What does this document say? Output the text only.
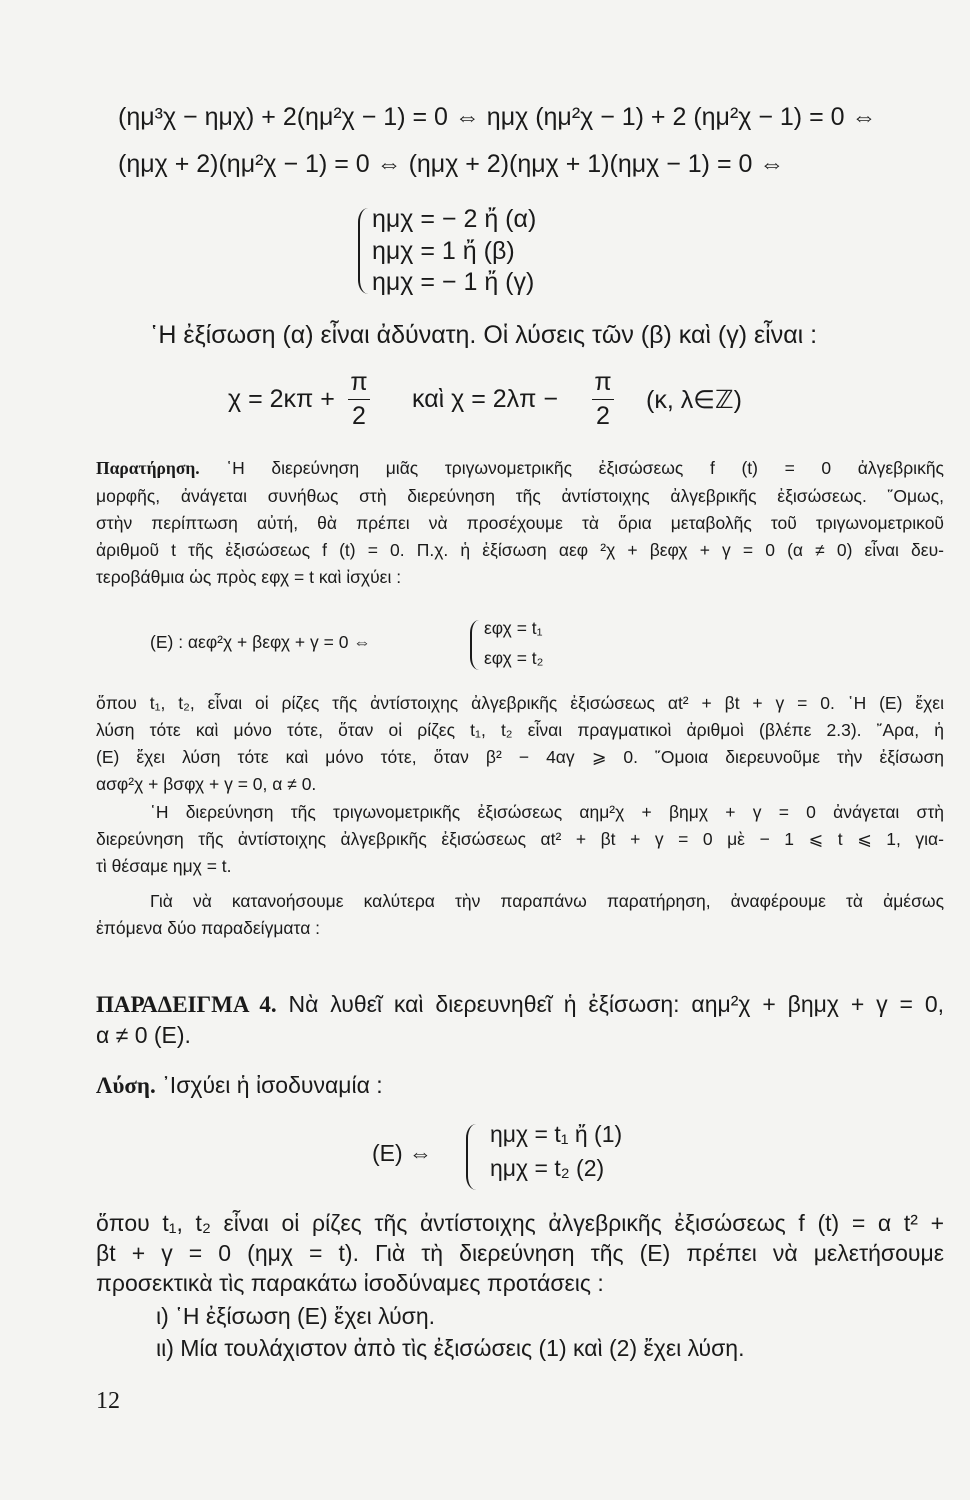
(ημ³χ − ημχ) + 2(ημ²χ − 1) = 0 ⇔ ημχ (ημ²χ − 1) + 2 (ημ²χ − 1) = 0 ⇔
(ημχ + 2)(ημ²χ − 1) = 0 ⇔ (ημχ + 2)(ημχ + 1)(ημχ − 1) = 0 ⇔
ημχ = − 2 ἤ (α)
ημχ = 1 ἤ (β)
ημχ = − 1 ἤ (γ)
῾Η ἐξίσωση (α) εἶναι ἀδύνατη. Οἱ λύσεις τῶν (β) καὶ (γ) εἶναι :
χ = 2κπ +
π
2
καὶ χ = 2λπ −
π
2
(κ, λ∈ℤ)
Παρατήρηση. ῾Η διερεύνηση μιᾶς τριγωνομετρικῆς ἐξισώσεως f (t) = 0 ἀλγεβρικῆς
μορφῆς, ἀνάγεται συνήθως στὴ διερεύνηση τῆς ἀντίστοιχης ἀλγεβρικῆς ἐξισώσεως. ῞Ομως,
στὴν περίπτωση αὐτή, θὰ πρέπει νὰ προσέχουμε τὰ ὅρια μεταβολῆς τοῦ τριγωνομετρικοῦ
ἀριθμοῦ t τῆς ἐξισώσεως f (t) = 0. Π.χ. ἡ ἐξίσωση αεφ ²χ + βεφχ + γ = 0 (α ≠ 0) εἶναι δευ-
τεροβάθμια ὡς πρὸς εφχ = t καὶ ἰσχύει :
(Ε) : αεφ²χ + βεφχ + γ = 0 ⇔
εφχ = t₁
εφχ = t₂
ὅπου t₁, t₂, εἶναι οἱ ρίζες τῆς ἀντίστοιχης ἀλγεβρικῆς ἐξισώσεως αt² + βt + γ = 0. ῾Η (Ε) ἔχει
λύση τότε καὶ μόνο τότε, ὅταν οἱ ρίζες t₁, t₂ εἶναι πραγματικοὶ ἀριθμοὶ (βλέπε 2.3). ῎Αρα, ἡ
(Ε) ἔχει λύση τότε καὶ μόνο τότε, ὅταν β² − 4αγ ⩾ 0. ῞Ομοια διερευνοῦμε τὴν ἐξίσωση
ασφ²χ + βσφχ + γ = 0, α ≠ 0.
῾Η διερεύνηση τῆς τριγωνομετρικῆς ἐξισώσεως αημ²χ + βημχ + γ = 0 ἀνάγεται στὴ
διερεύνηση τῆς ἀντίστοιχης ἀλγεβρικῆς ἐξισώσεως αt² + βt + γ = 0 μὲ − 1 ⩽ t ⩽ 1, για-
τὶ θέσαμε ημχ = t.
Γιὰ νὰ κατανοήσουμε καλύτερα τὴν παραπάνω παρατήρηση, ἀναφέρουμε τὰ ἀμέσως
ἑπόμενα δύο παραδείγματα :
ΠΑΡΑΔΕΙΓΜΑ 4. Νὰ λυθεῖ καὶ διερευνηθεῖ ἡ ἐξίσωση: αημ²χ + βημχ + γ = 0,
α ≠ 0 (Ε).
Λύση. ᾽Ισχύει ἡ ἰσοδυναμία :
(Ε) ⇔
ημχ = t₁ ἤ (1)
ημχ = t₂ (2)
ὅπου t₁, t₂ εἶναι οἱ ρίζες τῆς ἀντίστοιχης ἀλγεβρικῆς ἐξισώσεως f (t) = α t² +
βt + γ = 0 (ημχ = t). Γιὰ τὴ διερεύνηση τῆς (Ε) πρέπει νὰ μελετήσουμε
προσεκτικὰ τὶς παρακάτω ἰσοδύναμες προτάσεις :
ι) ῾Η ἐξίσωση (Ε) ἔχει λύση.
ιι) Μία τουλάχιστον ἀπὸ τὶς ἐξισώσεις (1) καὶ (2) ἔχει λύση.
12
